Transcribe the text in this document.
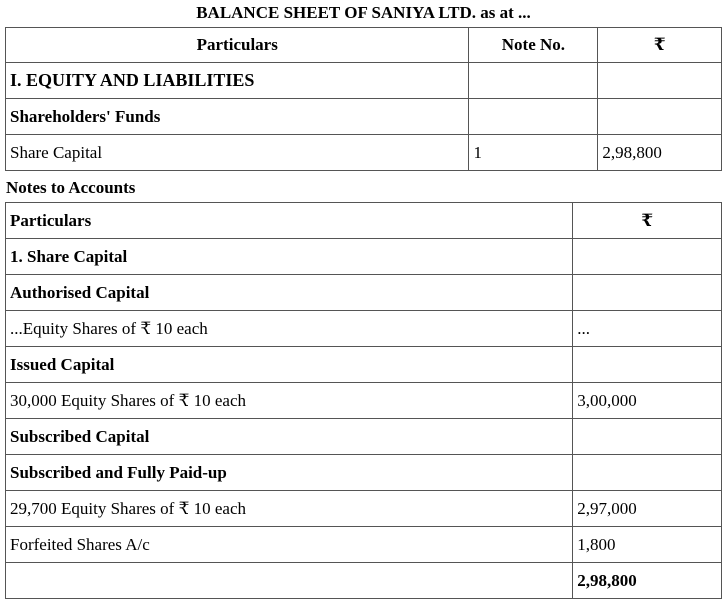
BALANCE SHEET OF SANIYA LTD. as at ...
Particulars	Note No.	₹
I. EQUITY AND LIABILITIES		
Shareholders' Funds		
Share Capital	1	2,98,800
Notes to Accounts
Particulars	₹
1. Share Capital	
Authorised Capital	
...Equity Shares of ₹ 10 each	...
Issued Capital	
30,000 Equity Shares of ₹ 10 each	3,00,000
Subscribed Capital	
Subscribed and Fully Paid-up	
29,700 Equity Shares of ₹ 10 each	2,97,000
Forfeited Shares A/c	1,800
	2,98,800
